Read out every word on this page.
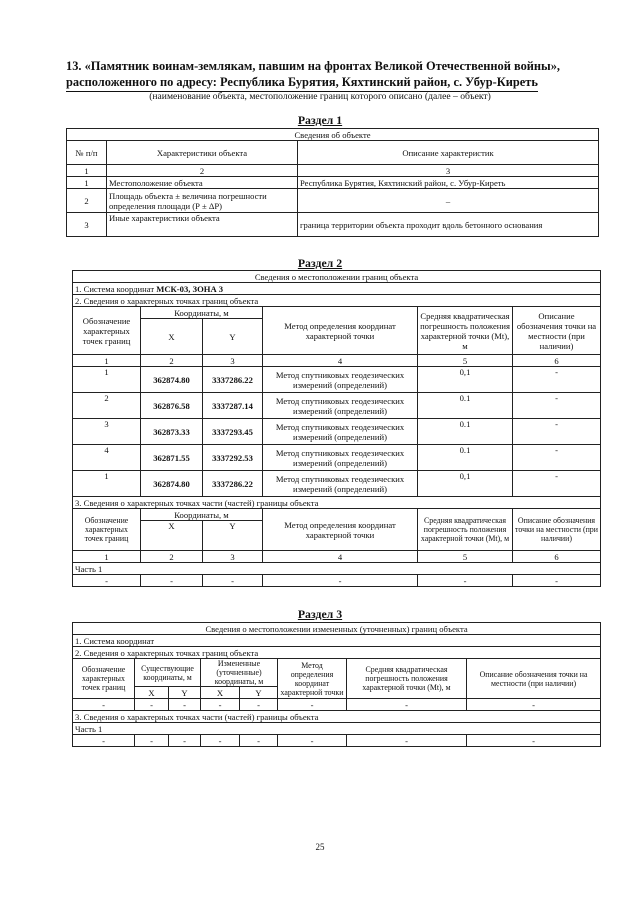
13. «Памятник воинам-землякам, павшим на фронтах Великой Отечественной войны»,
расположенного по адресу: Республика Бурятия, Кяхтинский район, с. Убур-Киреть
(наименование объекта, местоположение границ которого описано (далее – объект)
Раздел 1
Сведения об объекте		
№ п/п	Характеристики объекта	Описание характеристик
1	2	3
1	Местоположение объекта	Республика Бурятия, Кяхтинский район, с. Убур-Киреть
2	Площадь объекта ± величина погрешности определения площади (Р ± ΔР)	–
3	Иные характеристики объекта	граница территории объекта проходит вдоль бетонного основания
Раздел 2
Сведения о местоположении границ объекта					
1. Система координат МСК-03, ЗОНА 3					
2. Сведения о характерных точках границ объекта					
Обозначение характерных точек границ	Координаты, м		Метод определения координат характерной точки	Средняя квадратическая погрешность положения характерной точки (Mt), м	Описание обозначения точки на местности (при наличии)
	X	Y			
1	2	3	4	5	6
1	362874.80	3337286.22	Метод спутниковых геодезических измерений (определений)	0,1	-
2	362876.58	3337287.14	Метод спутниковых геодезических измерений (определений)	0.1	-
3	362873.33	3337293.45	Метод спутниковых геодезических измерений (определений)	0.1	-
4	362871.55	3337292.53	Метод спутниковых геодезических измерений (определений)	0.1	-
1	362874.80	3337286.22	Метод спутниковых геодезических измерений (определений)	0,1	-
3. Сведения о характерных точках части (частей) границы объекта					
Обозначение характерных точек границ	Координаты, м		Метод определения координат характерной точки	Средняя квадратическая погрешность положения характерной точки (Mt), м	Описание обозначения точки на местности (при наличии)
	X	Y			
1	2	3	4	5	6
Часть 1					
-	-	-	-	-	-
Раздел 3
Сведения о местоположении измененных (уточненных) границ объекта							
1. Система координат							
2. Сведения о характерных точках границ объекта							
Обозначение характерных точек границ	Существующие координаты, м		Измененные (уточненные) координаты, м		Метод определения координат характерной точки	Средняя квадратическая погрешность положения характерной точки (Mt), м	Описание обозначения точки на местности (при наличии)
	X	Y	X	Y			
-	-	-	-	-	-	-	-
3. Сведения о характерных точках части (частей) границы объекта							
Часть 1							
-	-	-	-	-	-	-	-
25
